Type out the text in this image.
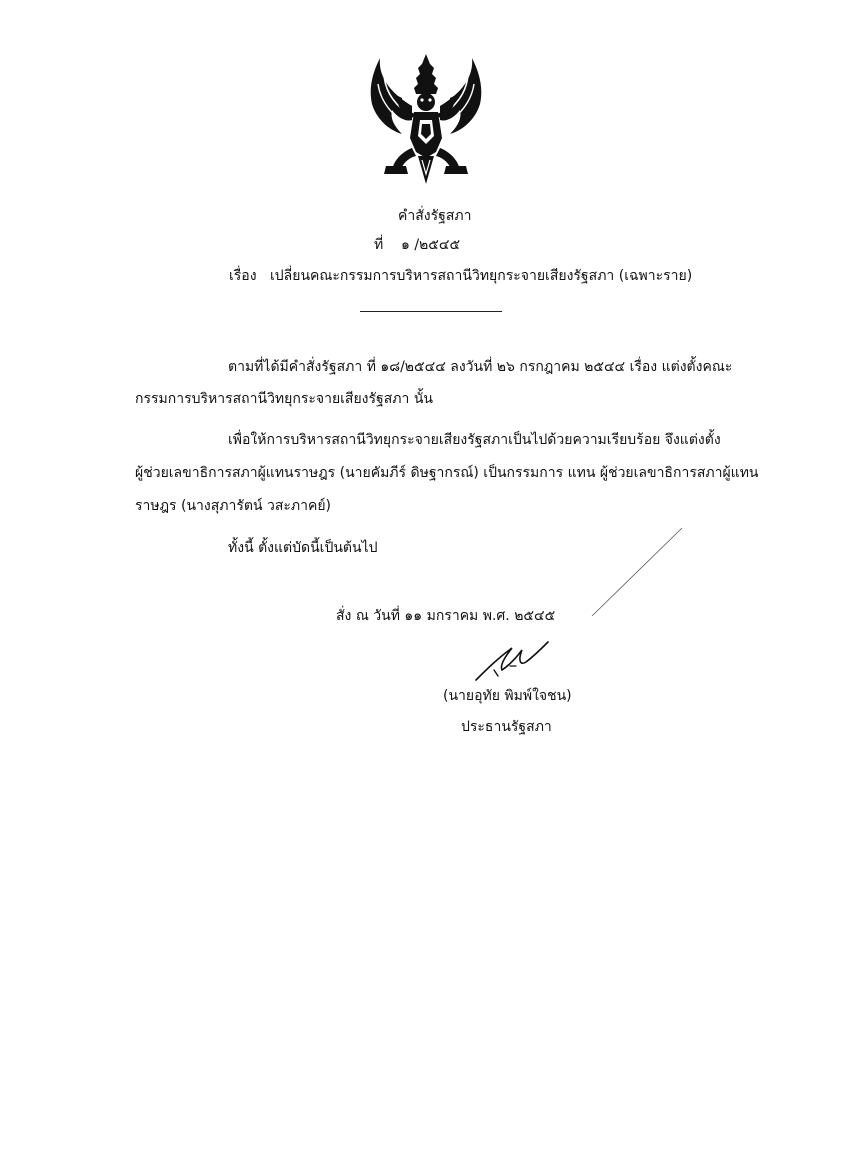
คำสั่งรัฐสภา
ที่ ๑ /๒๕๔๕
เรื่อง เปลี่ยนคณะกรรมการบริหารสถานีวิทยุกระจายเสียงรัฐสภา (เฉพาะราย)
ตามที่ได้มีคำสั่งรัฐสภา ที่ ๑๘/๒๕๔๔ ลงวันที่ ๒๖ กรกฎาคม ๒๕๔๔ เรื่อง แต่งตั้งคณะ
กรรมการบริหารสถานีวิทยุกระจายเสียงรัฐสภา นั้น
เพื่อให้การบริหารสถานีวิทยุกระจายเสียงรัฐสภาเป็นไปด้วยความเรียบร้อย จึงแต่งตั้ง
ผู้ช่วยเลขาธิการสภาผู้แทนราษฎร (นายคัมภีร์ ดิษฐากรณ์) เป็นกรรมการ แทน ผู้ช่วยเลขาธิการสภาผู้แทน
ราษฎร (นางสุภารัตน์ วสะภาคย์)
ทั้งนี้ ตั้งแต่บัดนี้เป็นต้นไป
สั่ง ณ วันที่ ๑๑ มกราคม พ.ศ. ๒๕๔๕
(นายอุทัย พิมพ์ใจชน)
ประธานรัฐสภา
